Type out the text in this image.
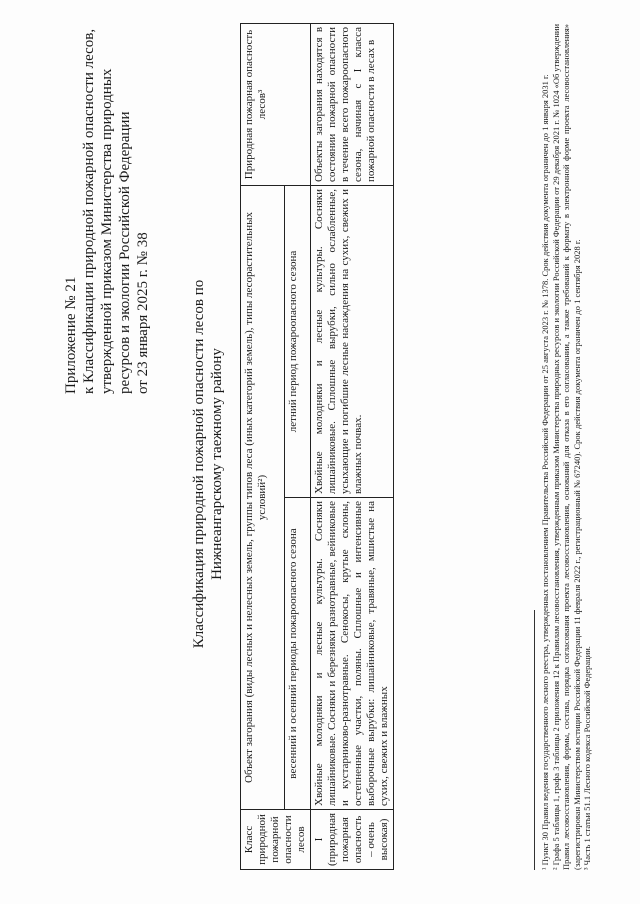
Приложение № 21 к Классификации природной пожарной опасности лесов, утвержденной приказом Министерства природных ресурсов и экологии Российской Федерации от 23 января 2025 г. № 38	Классификация природной пожарной опасности лесов по Нижнеангарскому таежному району
Класс природной пожарной опасности лесов	Объект загорания (виды лесных и нелесных земель, группы типов леса (иных категорий земель), типы лесорастительных условий²)		Природная пожарная опасность лесов³
	весенний и осенний периоды пожароопасного сезона	летний период пожароопасного сезона	

I (природная пожарная опасность – очень высокая)	Хвойные молодняки и лесные культуры. Сосняки лишайниковые. Сосняки и березняки разнотравные, вейниковые и кустарниково-разнотравные. Сенокосы, крутые склоны, остепненные участки, поляны. Сплошные и интенсивные выборочные вырубки: лишайниковые, травяные, мшистые на сухих, свежих и влажных	Хвойные молодняки и лесные культуры. Сосняки лишайниковые. Сплошные вырубки, сильно ослабленные, усыхающие и погибшие лесные насаждения на сухих, свежих и влажных почвах.	Объекты загорания находятся в состоянии пожарной опасности в течение всего пожароопасного сезона, начиная с I класса пожарной опасности в лесах в	¹ Пункт 30 Правил ведения государственного лесного реестра, утвержденных постановлением Правительства Российской Федерации от 25 августа 2023 г. № 1378. Срок действия документа ограничен до 1 января 2031 г. ² Графа 5 таблицы 1, графа 3 таблицы 2 приложения 12 к Правилам лесовосстановления, утвержденным приказом Министерства природных ресурсов и экологии Российской Федерации от 29 декабря 2021 г. № 1024 «Об утверждении Правил лесовосстановления, формы, состава, порядка согласования проекта лесовосстановления, оснований для отказа в его согласовании, а также требований к формату в электронной форме проекта лесовосстановления» (зарегистрирован Министерством юстиции Российской Федерации 11 февраля 2022 г., регистрационный № 67240). Срок действия документа ограничен до 1 сентября 2028 г. ³ Часть 1 статьи 51.1 Лесного кодекса Российской Федерации.
